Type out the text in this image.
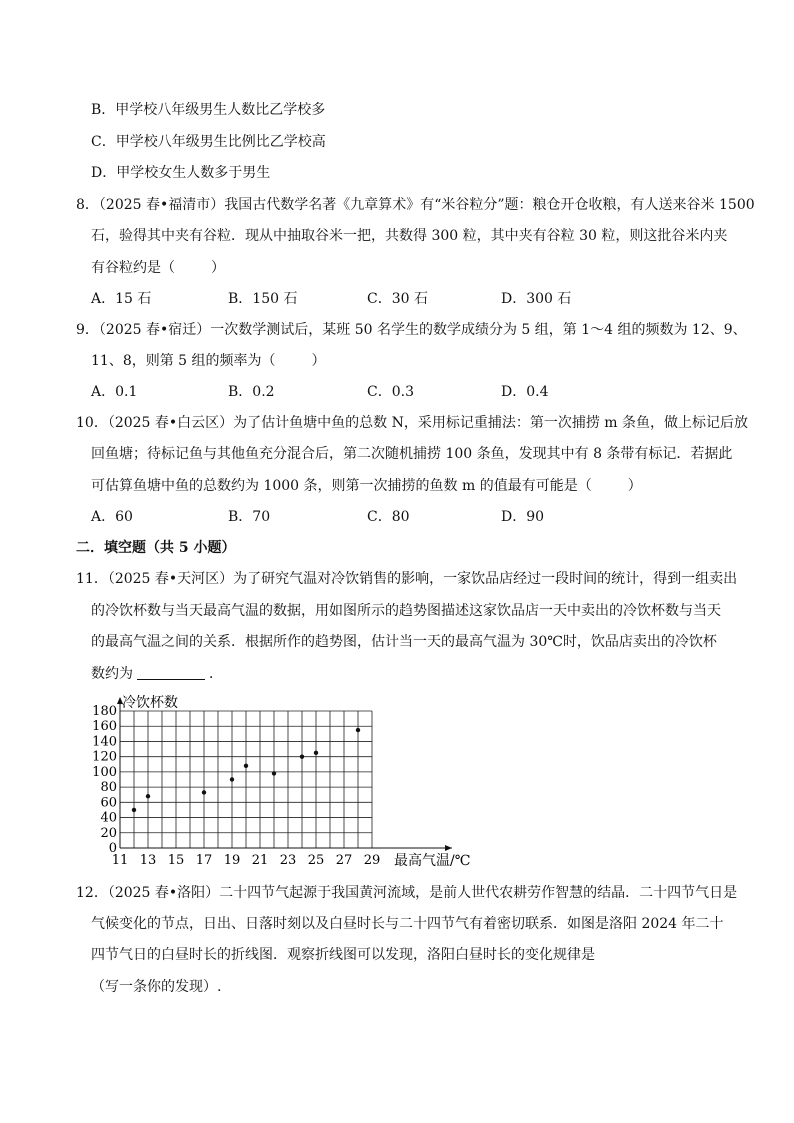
B．甲学校八年级男生人数比乙学校多
C．甲学校八年级男生比例比乙学校高
D．甲学校女生人数多于男生
8．（2025 春•福清市）我国古代数学名著《九章算术》有“米谷粒分”题：粮仓开仓收粮，有人送来谷米 1500
石，验得其中夹有谷粒．现从中抽取谷米一把，共数得 300 粒，其中夹有谷粒 30 粒，则这批谷米内夹
有谷粒约是（	）
A．15 石	B．150 石	C．30 石	D．300 石
9．（2025 春•宿迁）一次数学测试后，某班 50 名学生的数学成绩分为 5 组，第 1～4 组的频数为 12、9、
11、8，则第 5 组的频率为（	）
A．0.1	B．0.2	C．0.3	D．0.4
10．（2025 春•白云区）为了估计鱼塘中鱼的总数 N，采用标记重捕法：第一次捕捞 m 条鱼，做上标记后放
回鱼塘；待标记鱼与其他鱼充分混合后，第二次随机捕捞 100 条鱼，发现其中有 8 条带有标记．若据此
可估算鱼塘中鱼的总数约为 1000 条，则第一次捕捞的鱼数 m 的值最有可能是（	）
A．60	B．70	C．80	D．90
二．填空题（共 5 小题）
11．（2025 春•天河区）为了研究气温对冷饮销售的影响，一家饮品店经过一段时间的统计，得到一组卖出
的冷饮杯数与当天最高气温的数据，用如图所示的趋势图描述这家饮品店一天中卖出的冷饮杯数与当天
的最高气温之间的关系．根据所作的趋势图，估计当一天的最高气温为 30℃时，饮品店卖出的冷饮杯
数约为	．
0
20
40
60
80
100
120
140
160
180
11 13 15 17 19 21 23 25 27 29
冷饮杯数
最高气温/℃
12．（2025 春•洛阳）二十四节气起源于我国黄河流域，是前人世代农耕劳作智慧的结晶．二十四节气日是
气候变化的节点，日出、日落时刻以及白昼时长与二十四节气有着密切联系．如图是洛阳 2024 年二十
四节气日的白昼时长的折线图．观察折线图可以发现，洛阳白昼时长的变化规律是
（写一条你的发现）.
